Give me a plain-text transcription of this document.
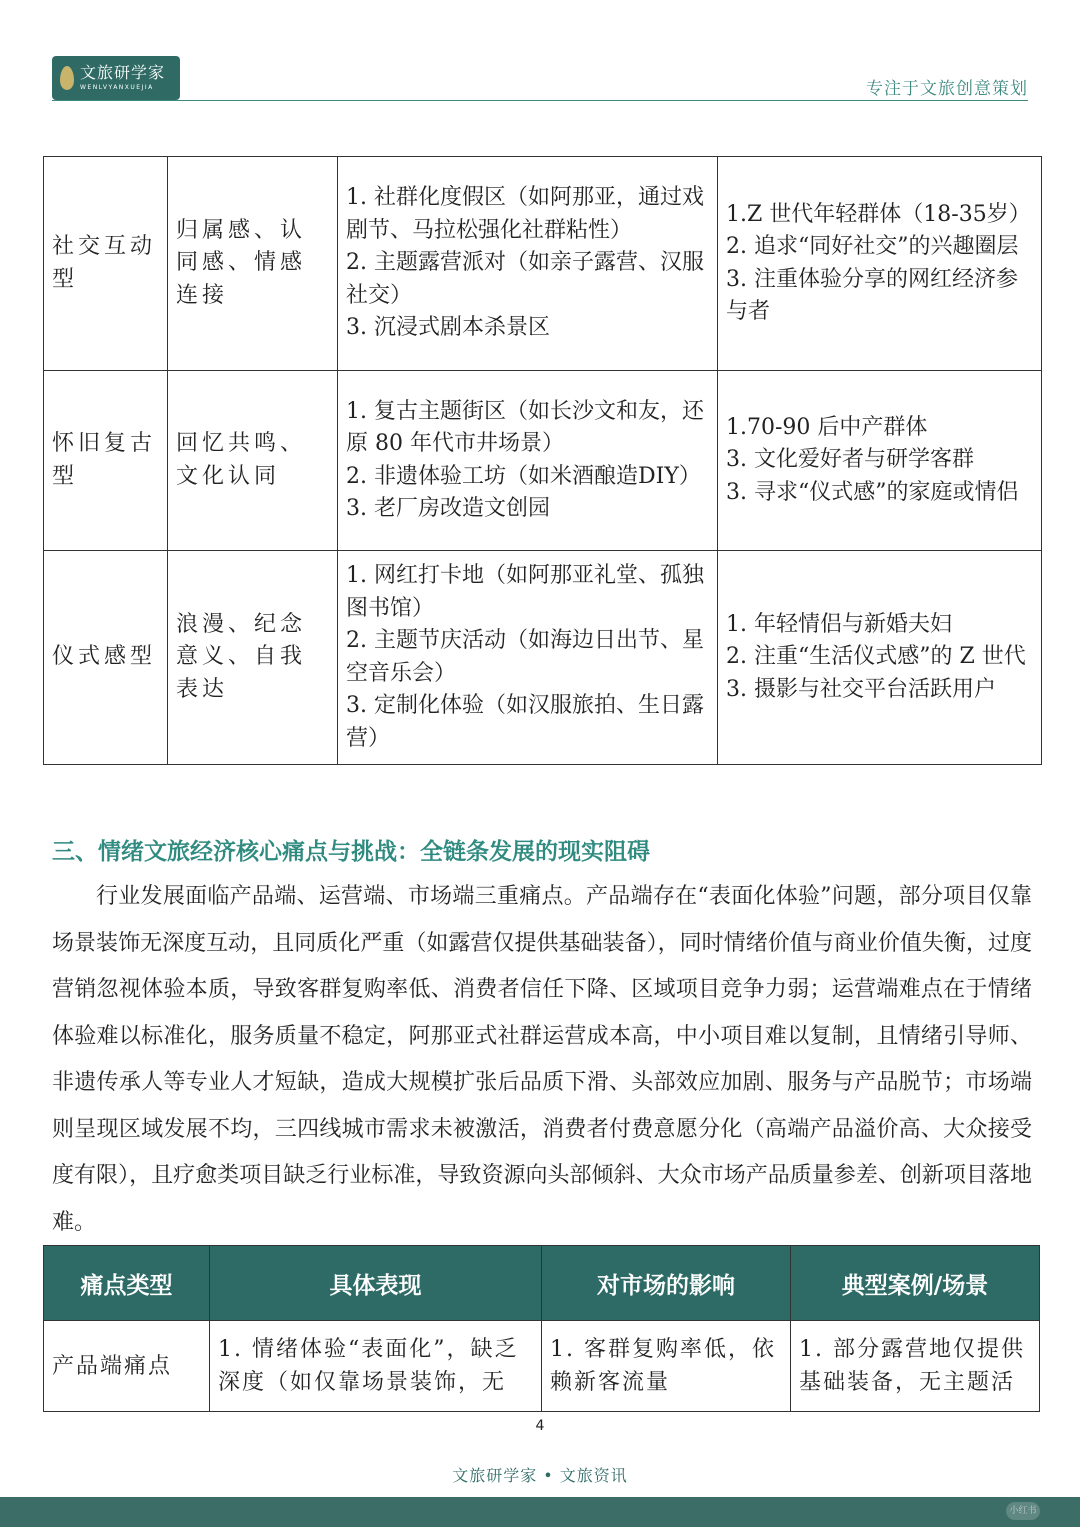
文旅研学家
WENLVYANXUEJIA	专注于文旅创意策划
社交互动型	归属感、认同感、情感连接	1. 社群化度假区（如阿那亚，通过戏剧节、马拉松强化社群粘性）
2. 主题露营派对（如亲子露营、汉服社交）
3. 沉浸式剧本杀景区	1.Z 世代年轻群体（18-35岁）
2. 追求“同好社交”的兴趣圈层
3. 注重体验分享的网红经济参与者

怀旧复古型	回忆共鸣、文化认同	1. 复古主题街区（如长沙文和友，还原 80 年代市井场景）
2. 非遗体验工坊（如米酒酿造DIY）
3. 老厂房改造文创园	1.70-90 后中产群体
3. 文化爱好者与研学客群
3. 寻求“仪式感”的家庭或情侣

仪式感型	浪漫、纪念意义、自我表达	1. 网红打卡地（如阿那亚礼堂、孤独图书馆）
2. 主题节庆活动（如海边日出节、星空音乐会）
3. 定制化体验（如汉服旅拍、生日露营）	1. 年轻情侣与新婚夫妇
2. 注重“生活仪式感”的 Z 世代
3. 摄影与社交平台活跃用户
三、情绪文旅经济核心痛点与挑战：全链条发展的现实阻碍

行业发展面临产品端、运营端、市场端三重痛点。产品端存在“表面化体验”问题，部分项目仅靠场景装饰无深度互动，且同质化严重（如露营仅提供基础装备），同时情绪价值与商业价值失衡，过度营销忽视体验本质，导致客群复购率低、消费者信任下降、区域项目竞争力弱；运营端难点在于情绪体验难以标准化，服务质量不稳定，阿那亚式社群运营成本高，中小项目难以复制，且情绪引导师、非遗传承人等专业人才短缺，造成大规模扩张后品质下滑、头部效应加剧、服务与产品脱节；市场端则呈现区域发展不均，三四线城市需求未被激活，消费者付费意愿分化（高端产品溢价高、大众接受度有限），且疗愈类项目缺乏行业标准，导致资源向头部倾斜、大众市场产品质量参差、创新项目落地难。

痛点类型	具体表现	对市场的影响	典型案例/场景
产品端痛点	1. 情绪体验“表面化”，缺乏深度（如仅靠场景装饰，无	1. 客群复购率低，依赖新客流量	1. 部分露营地仅提供基础装备，无主题活
4
文旅研学家 • 文旅资讯
小红书
